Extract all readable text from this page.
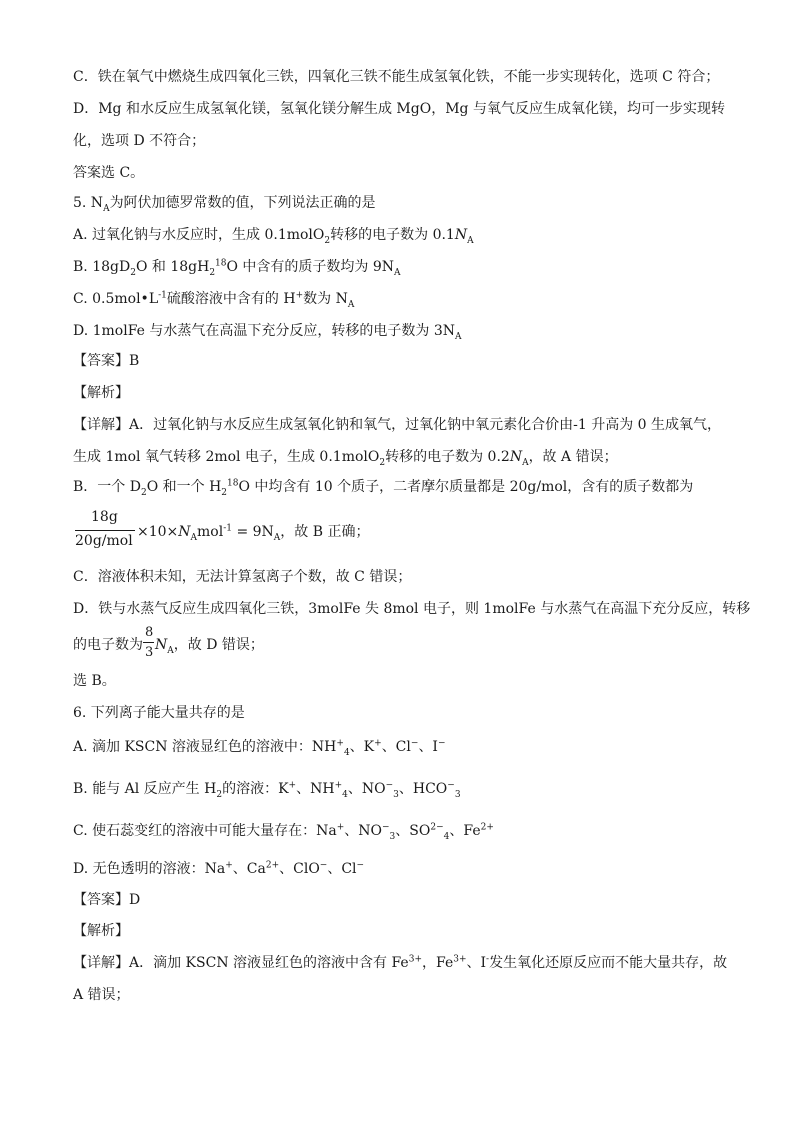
C．铁在氧气中燃烧生成四氧化三铁，四氧化三铁不能生成氢氧化铁，不能一步实现转化，选项 C 符合；
D．Mg 和水反应生成氢氧化镁，氢氧化镁分解生成 MgO，Mg 与氧气反应生成氧化镁，均可一步实现转
化，选项 D 不符合；
答案选 C。
5. $N_A$为阿伏加德罗常数的值，下列说法正确的是
A. 过氧化钠与水反应时，生成 0.1molO$_2$转移的电子数为 $0.1N_A$
B. $18gD_2O$ 和 $18gH_2^{18}O$ 中含有的质子数均为 $9N_A$
C. $0.5mol•L^{-1}$硫酸溶液中含有的 H+数为 $N_A$
D. 1molFe 与水蒸气在高温下充分反应，转移的电子数为 $3N_A$
【答案】B
【解析】
【详解】A．过氧化钠与水反应生成氢氧化钠和氧气，过氧化钠中氧元素化合价由-1 升高为 0 生成氧气，
生成 1mol 氧气转移 2mol 电子，生成 0.1molO$_2$转移的电子数为 $0.2N_A$，故 A 错误；
B．一个 $D_2O$ 和一个 $H_2^{18}O$ 中均含有 10 个质子，二者摩尔质量都是 20g/mol，含有的质子数都为
18g
20g/mol
$\times 10\times N_Amol^{-1} = 9N_A$，故 B 正确；
C．溶液体积未知，无法计算氢离子个数，故 C 错误；
D．铁与水蒸气反应生成四氧化三铁，3molFe 失 8mol 电子，则 1molFe 与水蒸气在高温下充分反应，转移
的电子数为 $\frac{8}{3} N_A$，故 D 错误；
选 B。
6. 下列离子能大量共存的是
A. 滴加 KSCN 溶液显红色的溶液中：$NH^+_4$、K+、Cl−、I−
B. 能与 Al 反应产生 $H_2$的溶液：K+、$NH^+_4$、$NO^-_3$、$HCO^-_3$
C. 使石蕊变红的溶液中可能大量存在：Na+、$NO^-_3$、$SO^{2-}_4$、$Fe^{2+}$
D. 无色透明的溶液：Na+、$Ca^{2+}$、ClO−、Cl−
【答案】D
【解析】
【详解】A．滴加 KSCN 溶液显红色的溶液中含有 $Fe^{3+}$，$Fe^{3+}$、I-发生氧化还原反应而不能大量共存，故
A 错误；
